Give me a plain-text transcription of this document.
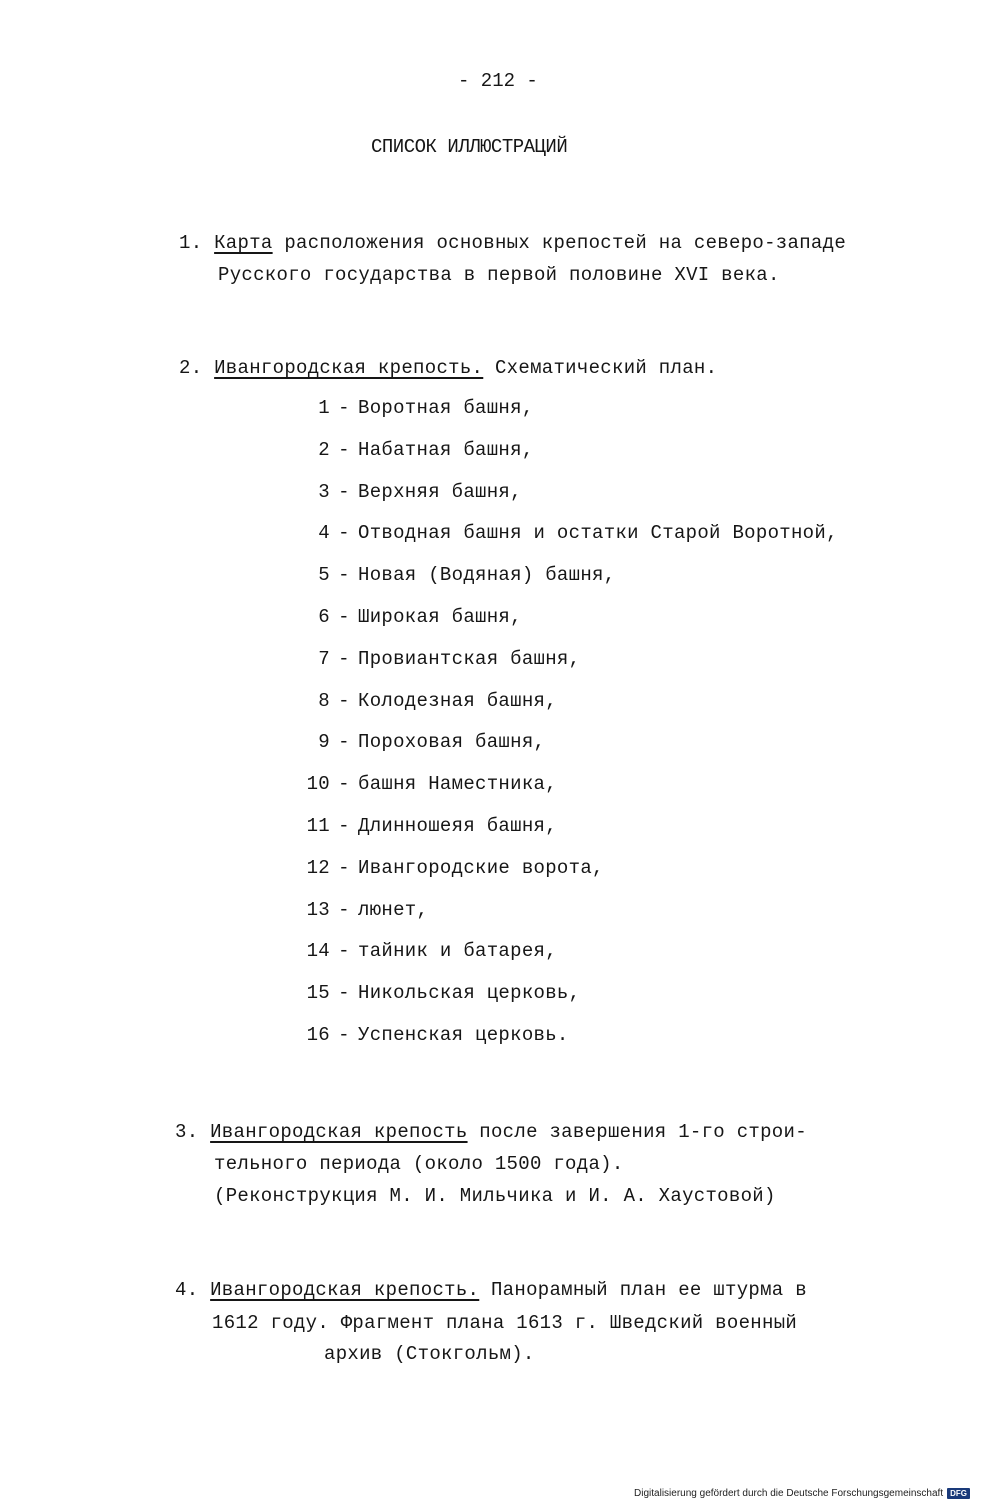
- 212 -
СПИСОК ИЛЛЮСТРАЦИЙ
1. Карта расположения основных крепостей на северо-западе
Русского государства в первой половине XVI века.
2. Ивангородская крепость. Схематический план.
1 - Воротная башня,
2 - Набатная башня,
3 - Верхняя башня,
4 - Отводная башня и остатки Старой Воротной,
5 - Новая (Водяная) башня,
6 - Широкая башня,
7 - Провиантская башня,
8 - Колодезная башня,
9 - Пороховая башня,
10 - башня Наместника,
11 - Длинношеяя башня,
12 - Ивангородские ворота,
13 - люнет,
14 - тайник и батарея,
15 - Никольская церковь,
16 - Успенская церковь.
3. Ивангородская крепость после завершения 1-го строи-
тельного периода (около 1500 года).
(Реконструкция М. И. Мильчика и И. А. Хаустовой)
4. Ивангородская крепость. Панорамный план ее штурма в
1612 году. Фрагмент плана 1613 г. Шведский военный
архив (Стокгольм).
Digitalisierung gefördert durch die Deutsche Forschungsgemeinschaft DFG
